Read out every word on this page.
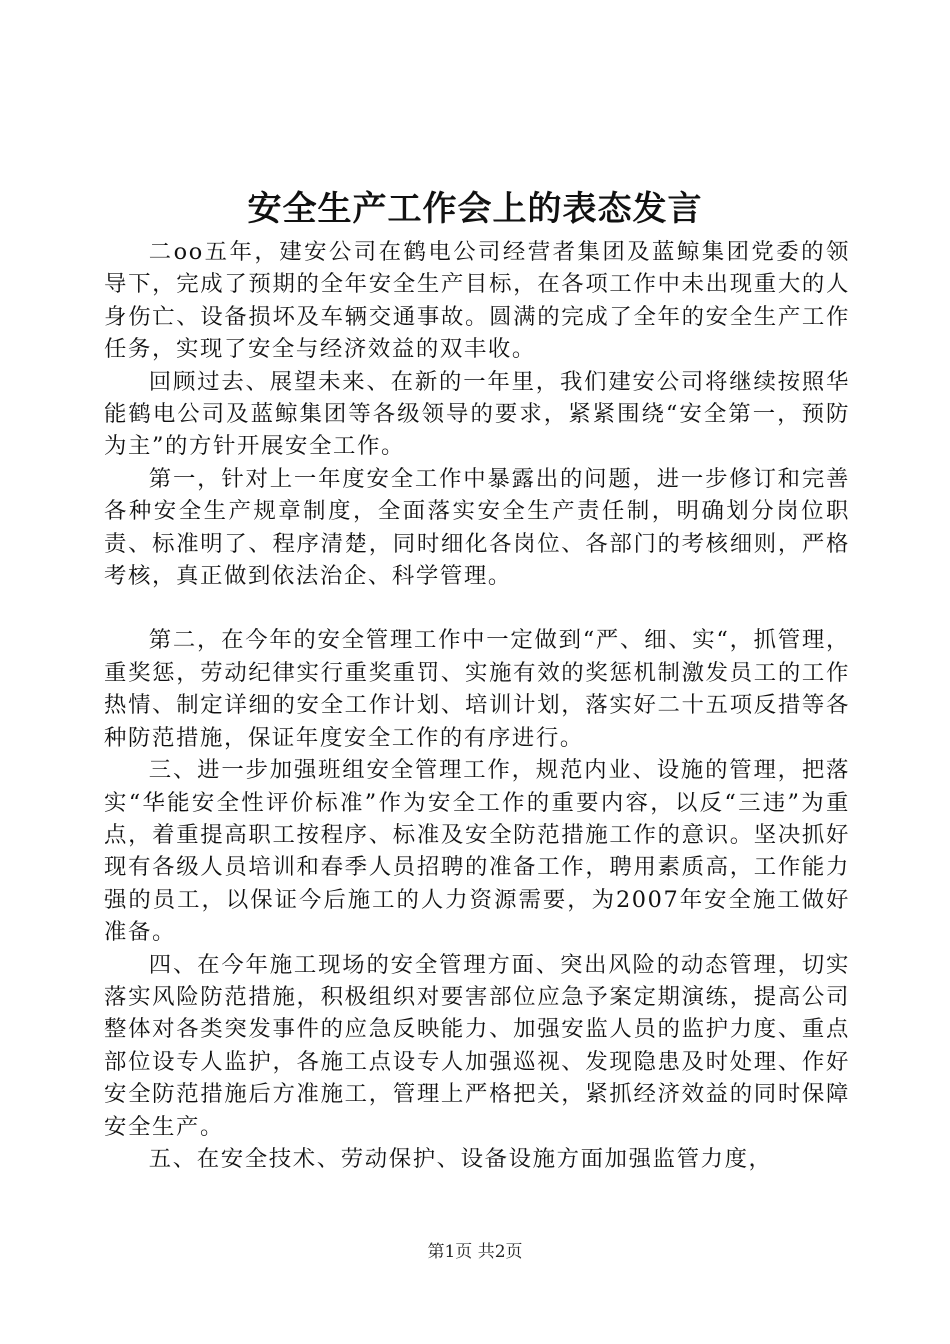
安全生产工作会上的表态发言

二oo五年，建安公司在鹤电公司经营者集团及蓝鲸集团党委的领导下，完成了预期的全年安全生产目标，在各项工作中未出现重大的人身伤亡、设备损坏及车辆交通事故。圆满的完成了全年的安全生产工作任务，实现了安全与经济效益的双丰收。

回顾过去、展望未来、在新的一年里，我们建安公司将继续按照华能鹤电公司及蓝鲸集团等各级领导的要求，紧紧围绕“安全第一，预防为主”的方针开展安全工作。

第一，针对上一年度安全工作中暴露出的问题，进一步修订和完善各种安全生产规章制度，全面落实安全生产责任制，明确划分岗位职责、标准明了、程序清楚，同时细化各岗位、各部门的考核细则，严格考核，真正做到依法治企、科学管理。

第二，在今年的安全管理工作中一定做到“严、细、实“，抓管理，重奖惩，劳动纪律实行重奖重罚、实施有效的奖惩机制激发员工的工作热情、制定详细的安全工作计划、培训计划，落实好二十五项反措等各种防范措施，保证年度安全工作的有序进行。

三、进一步加强班组安全管理工作，规范内业、设施的管理，把落实“华能安全性评价标准”作为安全工作的重要内容，以反“三违”为重点，着重提高职工按程序、标准及安全防范措施工作的意识。坚决抓好现有各级人员培训和春季人员招聘的准备工作，聘用素质高，工作能力强的员工，以保证今后施工的人力资源需要，为2007年安全施工做好准备。

四、在今年施工现场的安全管理方面、突出风险的动态管理，切实落实风险防范措施，积极组织对要害部位应急予案定期演练，提高公司整体对各类突发事件的应急反映能力、加强安监人员的监护力度、重点部位设专人监护，各施工点设专人加强巡视、发现隐患及时处理、作好安全防范措施后方准施工，管理上严格把关，紧抓经济效益的同时保障安全生产。

五、在安全技术、劳动保护、设备设施方面加强监管力度，

第1页 共2页
